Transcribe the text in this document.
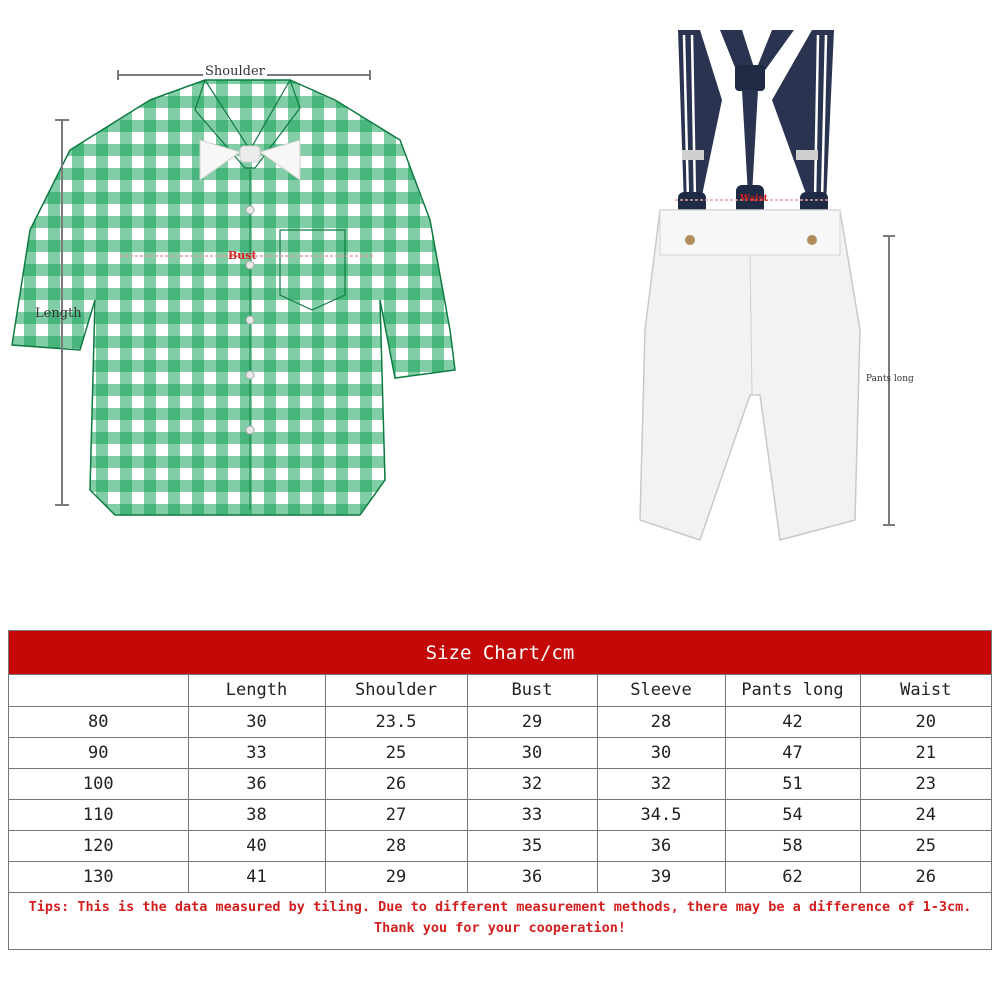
Shoulder
Bust
Length
Pants long
Waist
Size Chart/cm
	Length	Shoulder	Bust	Sleeve	Pants long	Waist
80	30	23.5	29	28	42	20
90	33	25	30	30	47	21
100	36	26	32	32	51	23
110	38	27	33	34.5	54	24
120	40	28	35	36	58	25
130	41	29	36	39	62	26
Tips: This is the data measured by tiling. Due to different measurement methods, there may be a difference of 1-3cm. Thank you for your cooperation!
